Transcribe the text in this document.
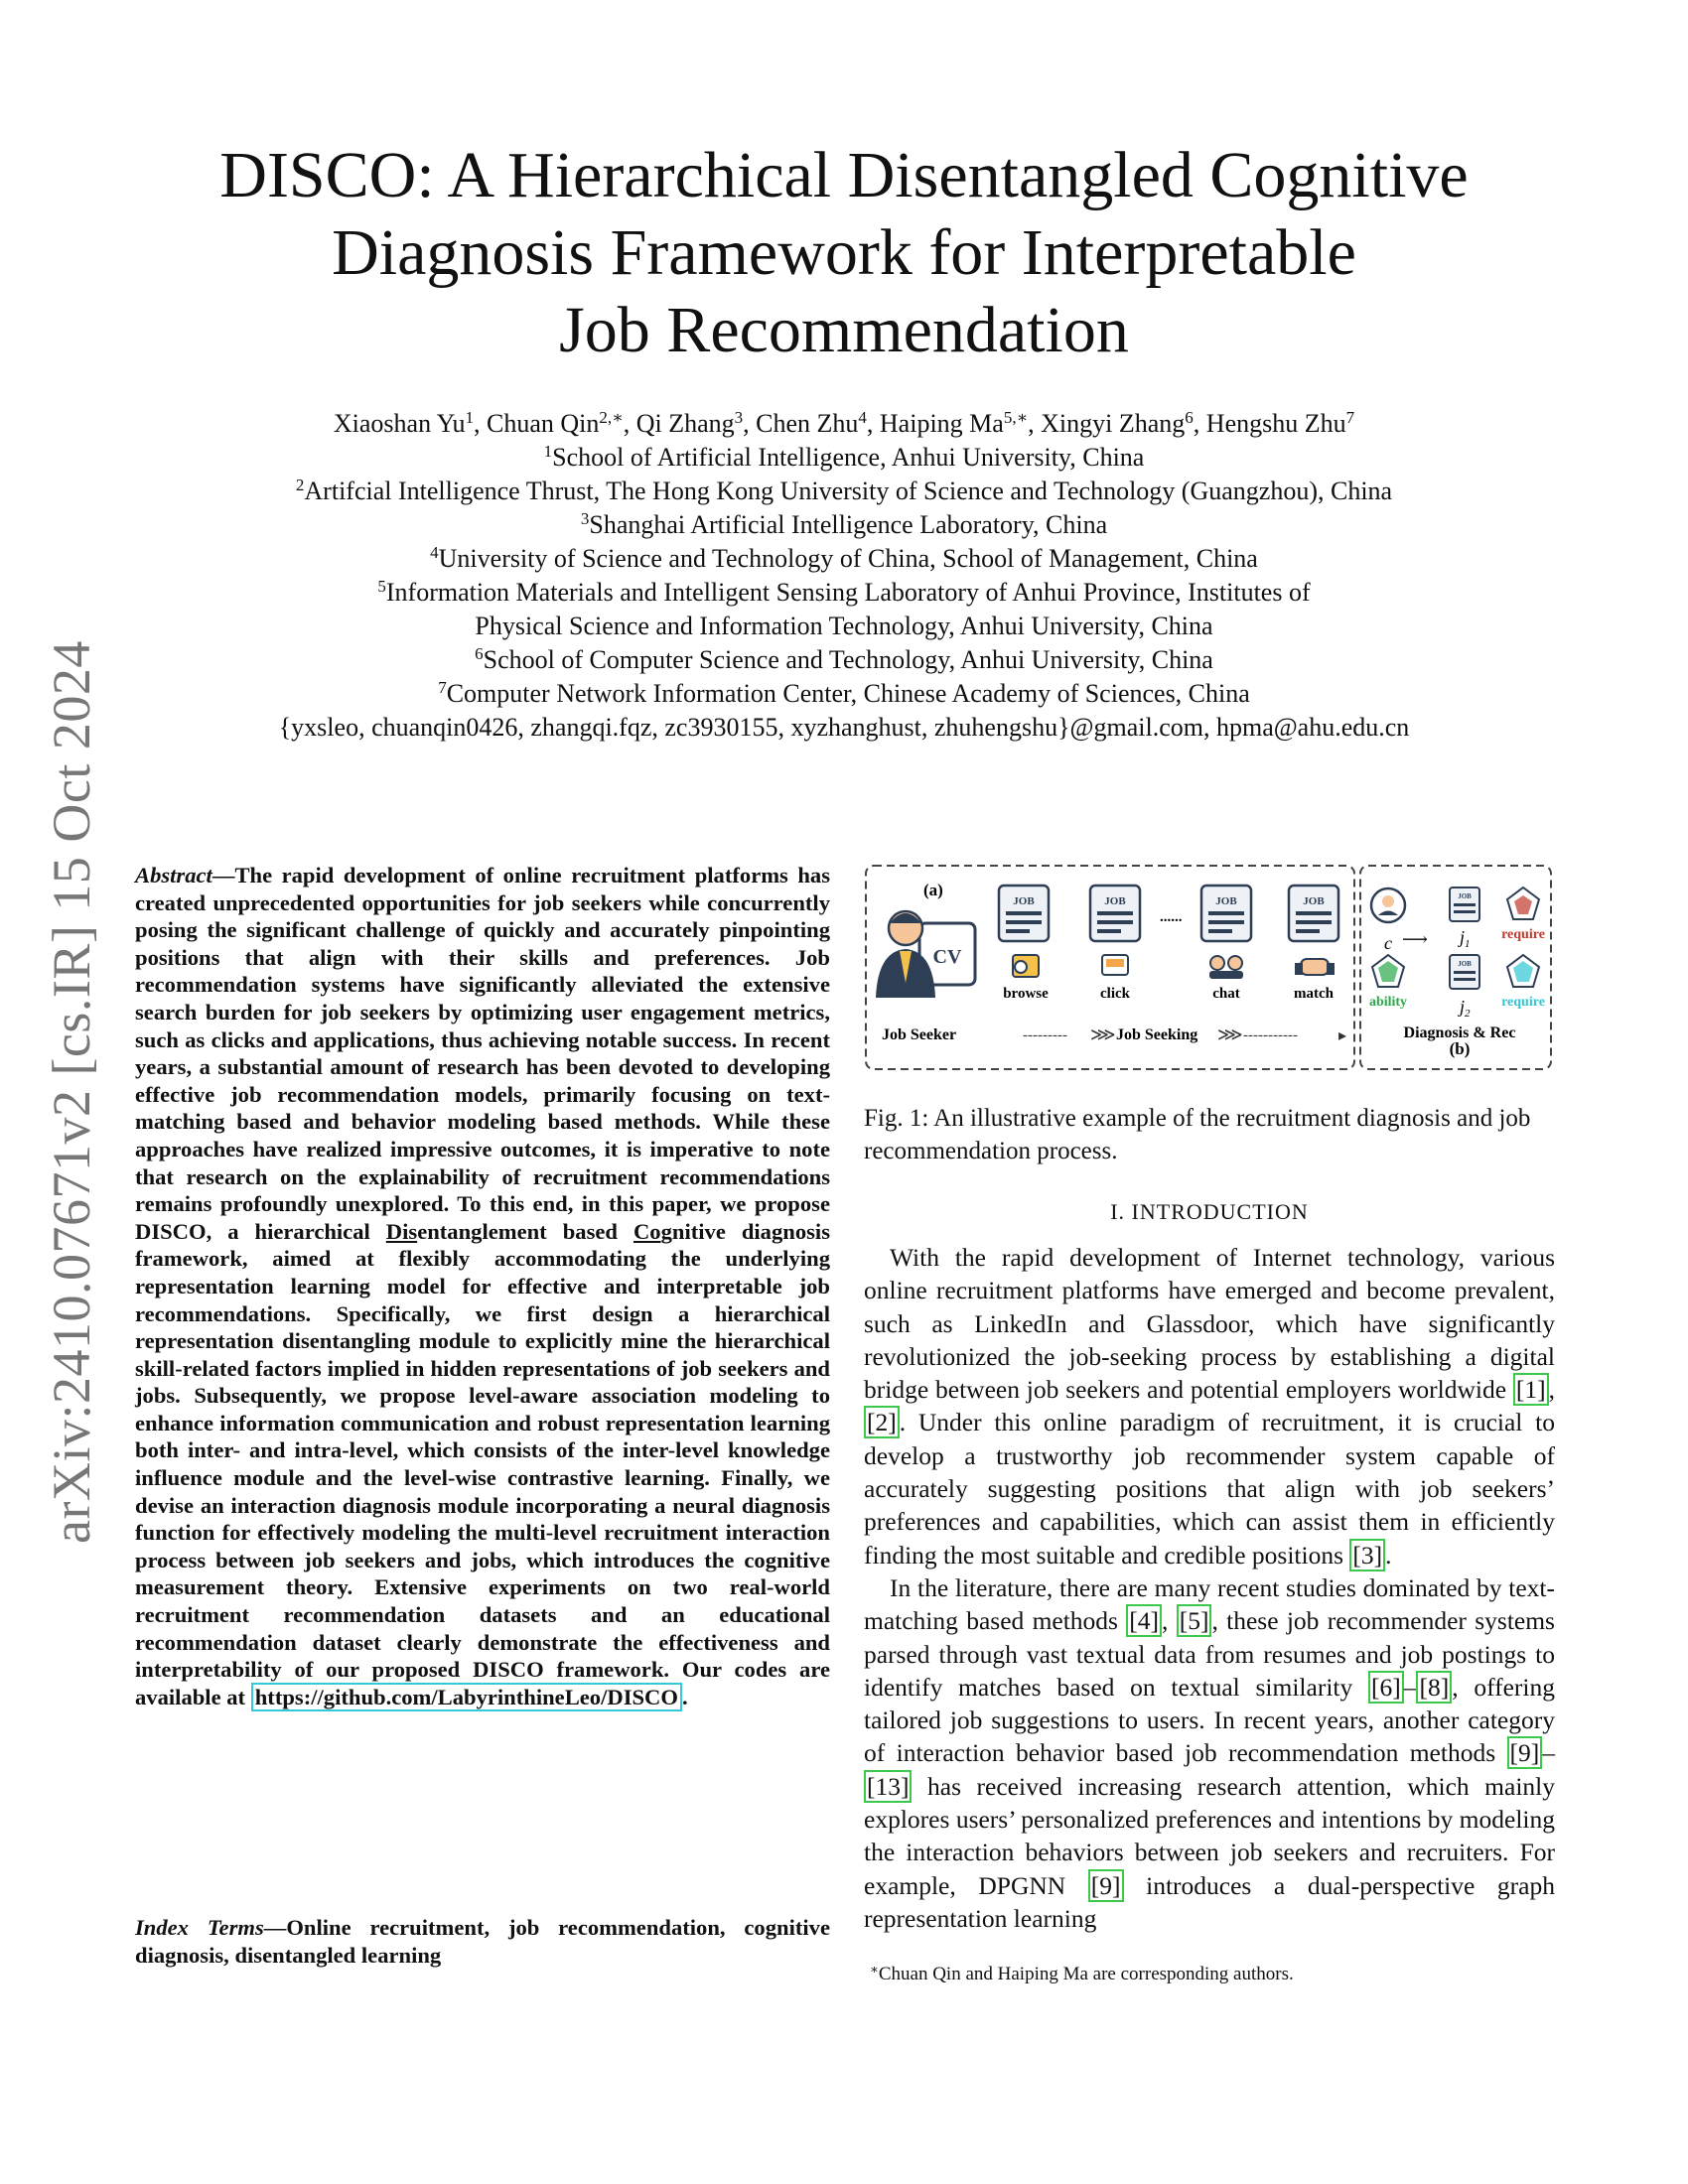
arXiv:2410.07671v2 [cs.IR] 15 Oct 2024
DISCO: A Hierarchical Disentangled Cognitive
Diagnosis Framework for Interpretable
Job Recommendation
Xiaoshan Yu$^1$, Chuan Qin$^{2,∗}$, Qi Zhang$^3$, Chen Zhu$^4$, Haiping $Ma^{5,∗}$, Xingyi Zhang$^6$, Hengshu Zhu$^7$
$^1$School of Artificial Intelligence, Anhui University, China
$^2$Artifcial Intelligence Thrust, The Hong Kong University of Science and Technology (Guangzhou), China
$^3$Shanghai Artificial Intelligence Laboratory, China
$^4$University of Science and Technology of China, School of Management, China
$^5$Information Materials and Intelligent Sensing Laboratory of Anhui Province, Institutes of
Physical Science and Information Technology, Anhui University, China
$^6$School of Computer Science and Technology, Anhui University, China
$^7$Computer Network Information Center, Chinese Academy of Sciences, China
{yxsleo, chuanqin0426, zhangqi.fqz, zc3930155, xyzhanghust, zhuhengshu}@gmail.com, hpma@ahu.edu.cn
Abstract—The rapid development of online recruitment platforms has created unprecedented opportunities for job seekers while concurrently posing the significant challenge of quickly and accurately pinpointing positions that align with their skills and preferences. Job recommendation systems have significantly alleviated the extensive search burden for job seekers by optimizing user engagement metrics, such as clicks and applications, thus achieving notable success. In recent years, a substantial amount of research has been devoted to developing effective job recommendation models, primarily focusing on text-matching based and behavior modeling based methods. While these approaches have realized impressive outcomes, it is imperative to note that research on the explainability of recruitment recommendations remains profoundly unexplored. To this end, in this paper, we propose DISCO, a hierarchical Disentanglement based Cognitive diagnosis framework, aimed at flexibly accommodating the underlying representation learning model for effective and interpretable job recommendations. Specifically, we first design a hierarchical representation disentangling module to explicitly mine the hierarchical skill-related factors implied in hidden representations of job seekers and jobs. Subsequently, we propose level-aware association modeling to enhance information communication and robust representation learning both inter- and intra-level, which consists of the inter-level knowledge influence module and the level-wise contrastive learning. Finally, we devise an interaction diagnosis module incorporating a neural diagnosis function for effectively modeling the multi-level recruitment interaction process between job seekers and jobs, which introduces the cognitive measurement theory. Extensive experiments on two real-world recruitment recommendation datasets and an educational recommendation dataset clearly demonstrate the effectiveness and interpretability of our proposed DISCO framework. Our codes are available at https://github.com/LabyrinthineLeo/DISCO .
Index Terms—Online recruitment, job recommendation, cognitive diagnosis, disentangled learning
(a)
(b)
CV
Job Seeker	--------- ⋙ Job Seeking ⋙ -----------	▸
JOB	JOB
......
JOB	JOB
browse	click	chat	match
c ⟶
JOB
$j_1$
require
ability
JOB
$j_2$
require
Diagnosis & Rec
Fig. 1: An illustrative example of the recruitment diagnosis and job recommendation process.
I. INTRODUCTION

With the rapid development of Internet technology, various online recruitment platforms have emerged and become prevalent, such as LinkedIn and Glassdoor, which have significantly revolutionized the job-seeking process by establishing a digital bridge between job seekers and potential employers worldwide [1] , [2] . Under this online paradigm of recruitment, it is crucial to develop a trustworthy job recommender system capable of accurately suggesting positions that align with job seekers’ preferences and capabilities, which can assist them in efficiently finding the most suitable and credible positions [3] .

In the literature, there are many recent studies dominated by text-matching based methods [4] , [5] , these job recommender systems parsed through vast textual data from resumes and job postings to identify matches based on textual similarity [6] – [8] , offering tailored job suggestions to users. In recent years, another category of interaction behavior based job recommendation methods [9] –[13] has received increasing research attention, which mainly explores users’ personalized preferences and intentions by modeling the interaction behaviors between job seekers and recruiters. For example, DPGNN [9] introduces a dual-perspective graph representation learning

∗Chuan Qin and Haiping Ma are corresponding authors.
